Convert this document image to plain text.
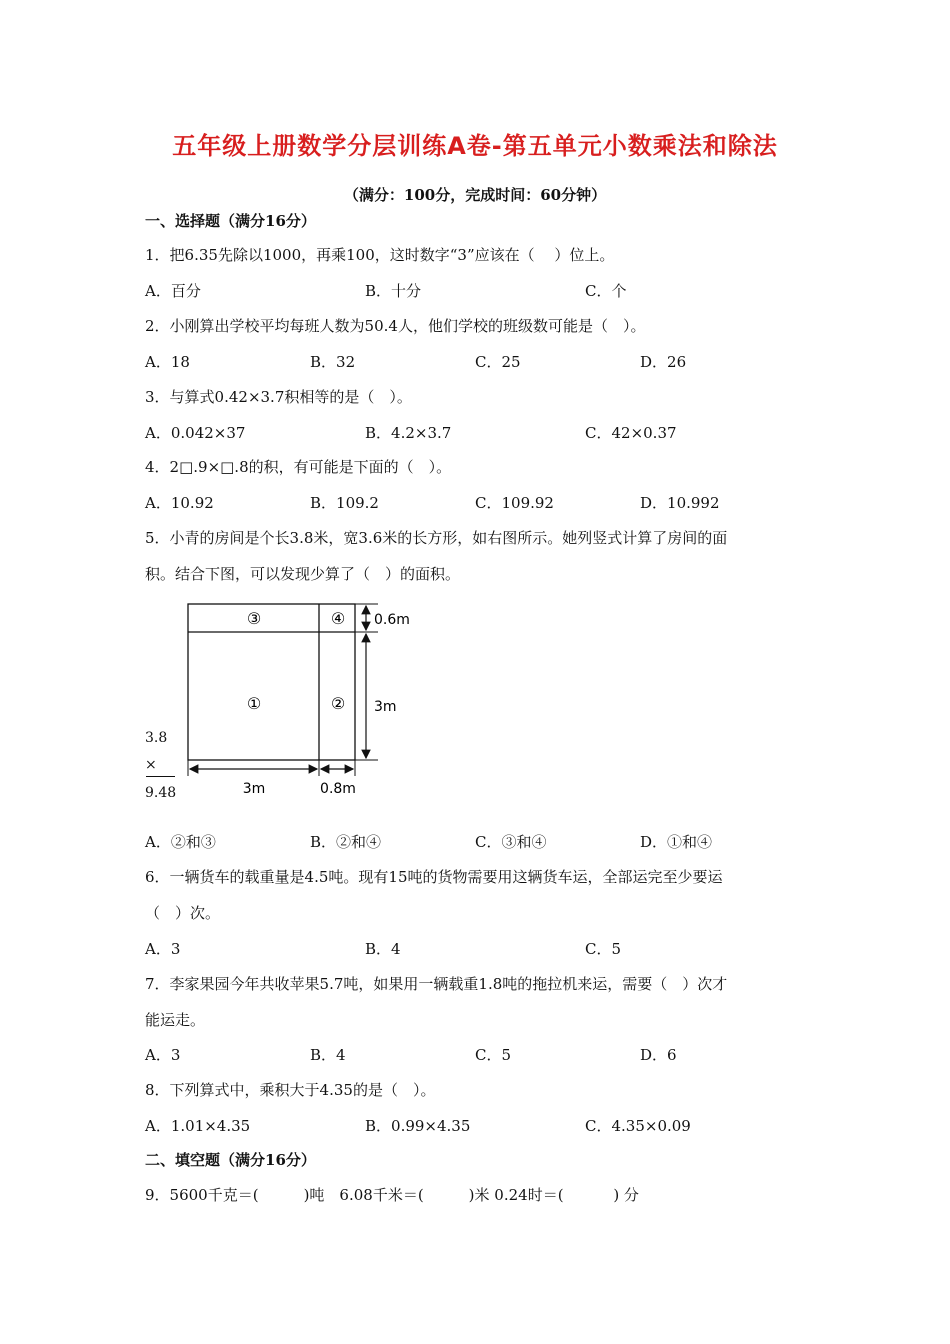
五年级上册数学分层训练A卷-第五单元小数乘法和除法
（满分：100分，完成时间：60分钟）
一、选择题（满分16分）
1．把6.35先除以1000，再乘100，这时数字“3”应该在（　 ）位上。
A．百分	B．十分	C．个
2．小刚算出学校平均每班人数为50.4人，他们学校的班级数可能是（　）。
A．18	B．32	C．25	D．26
3．与算式0.42×3.7积相等的是（　）。
A．0.042×37	B．4.2×3.7	C．42×0.37
4．2□.9×□.8的积，有可能是下面的（　）。
A．10.92	B．109.2	C．109.92	D．10.992
5．小青的房间是个长3.8米，宽3.6米的长方形，如右图所示。她列竖式计算了房间的面
积。结合下图，可以发现少算了（　）的面积。
③	④
①	②
0.6m
3m
3m	0.8m
3.8
×
9.48
A．②和③	B．②和④	C．③和④	D．①和④
6．一辆货车的载重量是4.5吨。现有15吨的货物需要用这辆货车运，全部运完至少要运
（　）次。
A．3	B．4	C．5
7．李家果园今年共收苹果5.7吨，如果用一辆载重1.8吨的拖拉机来运，需要（　）次才
能运走。
A．3	B．4	C．5	D．6
8．下列算式中，乘积大于4.35的是（　）。
A．1.01×4.35	B．0.99×4.35	C．4.35×0.09
二、填空题（满分16分）
9．5600千克＝(　　　)吨　6.08千米＝(　　　)米 0.24时＝(　　　 ) 分
